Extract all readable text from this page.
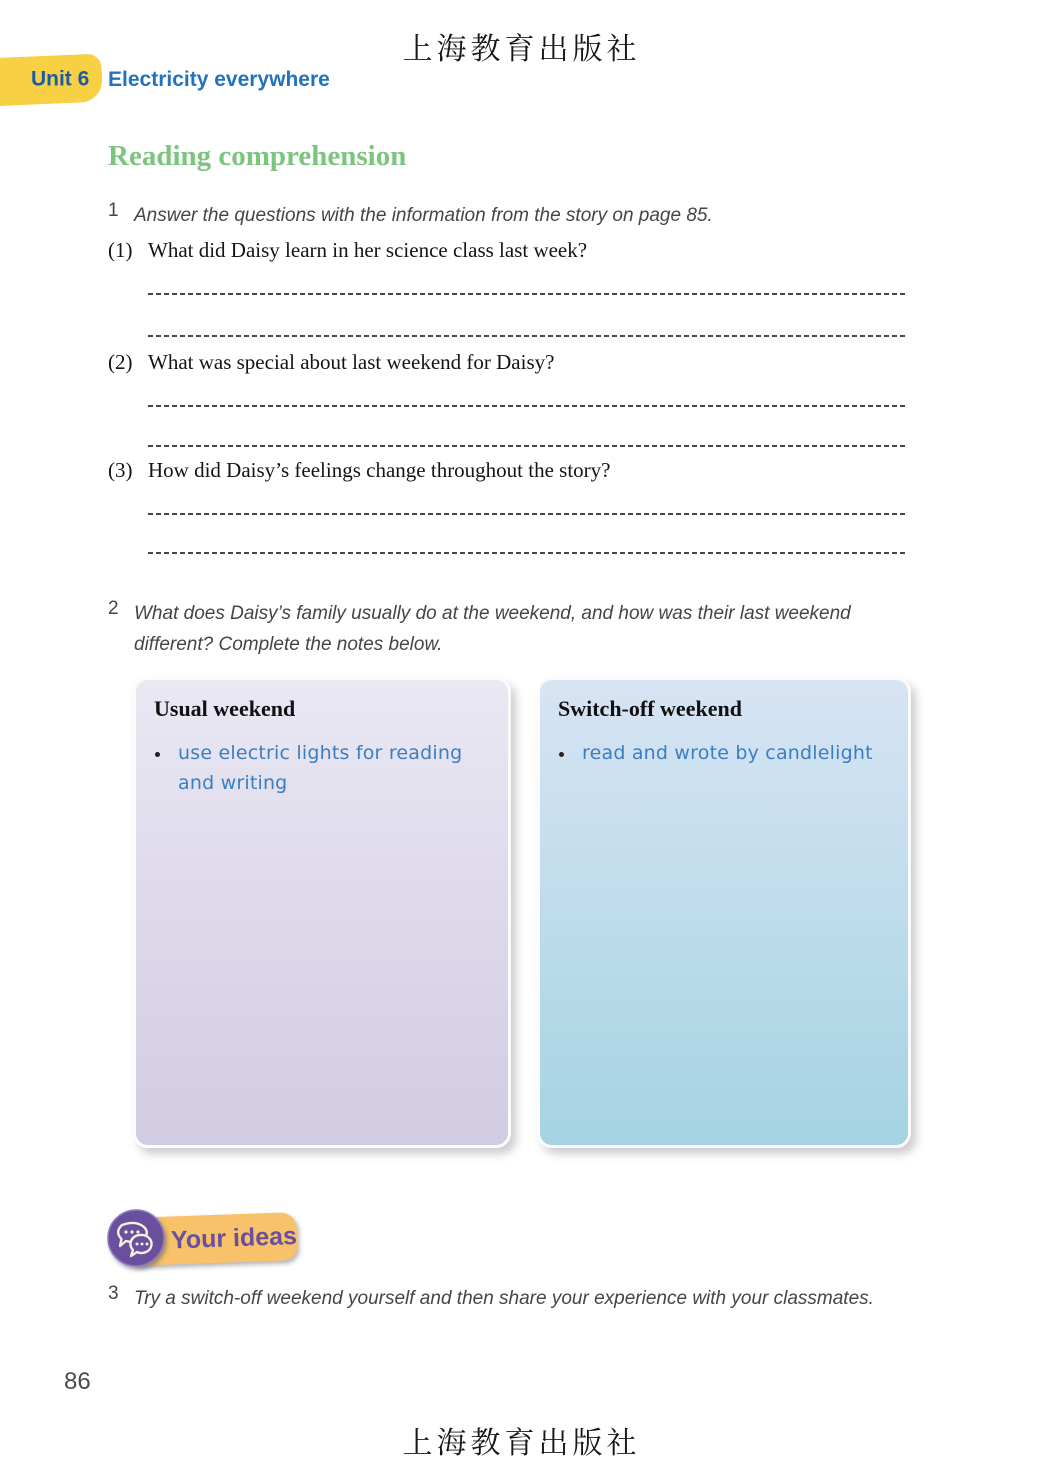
上海教育出版社
Unit 6 Electricity everywhere
Reading comprehension
1 Answer the questions with the information from the story on page 85.
(1) What did Daisy learn in her science class last week?
(2) What was special about last weekend for Daisy?
(3) How did Daisy’s feelings change throughout the story?
2 What does Daisy’s family usually do at the weekend, and how was their last weekend different? Complete the notes below.
Usual weekend
• use electric lights for reading and writing
Switch-off weekend
• read and wrote by candlelight
Your ideas
3 Try a switch-off weekend yourself and then share your experience with your classmates.
86
上海教育出版社
